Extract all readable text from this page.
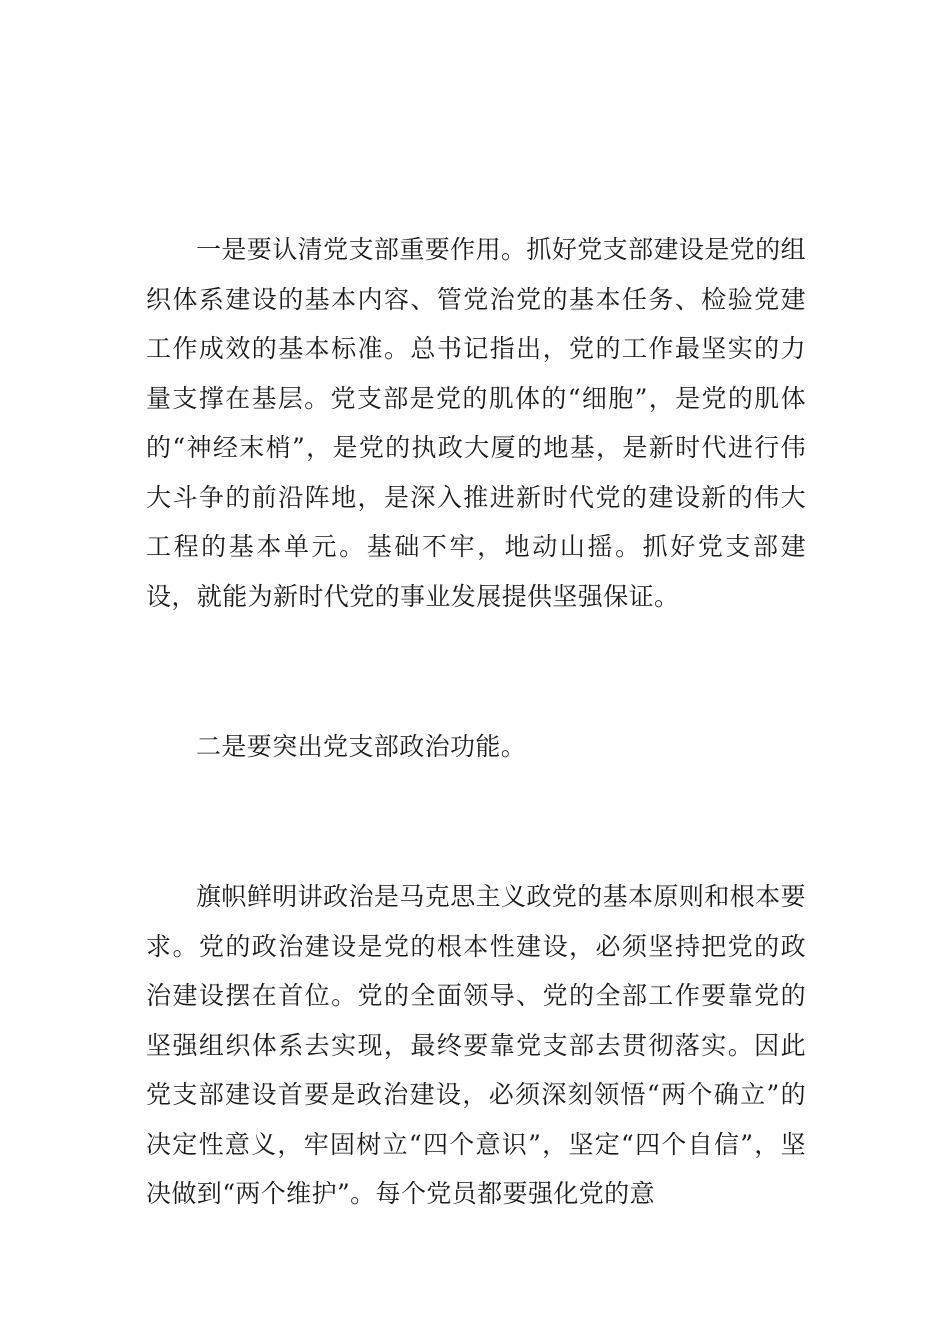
一是要认清党支部重要作用。抓好党支部建设是党的组织体系建设的基本内容、管党治党的基本任务、检验党建工作成效的基本标准。总书记指出，党的工作最坚实的力量支撑在基层。党支部是党的肌体的“细胞”，是党的肌体的“神经末梢”，是党的执政大厦的地基，是新时代进行伟大斗争的前沿阵地，是深入推进新时代党的建设新的伟大工程的基本单元。基础不牢，地动山摇。抓好党支部建设，就能为新时代党的事业发展提供坚强保证。

二是要突出党支部政治功能。

旗帜鲜明讲政治是马克思主义政党的基本原则和根本要求。党的政治建设是党的根本性建设，必须坚持把党的政治建设摆在首位。党的全面领导、党的全部工作要靠党的坚强组织体系去实现，最终要靠党支部去贯彻落实。因此党支部建设首要是政治建设，必须深刻领悟“两个确立”的决定性意义，牢固树立“四个意识”，坚定“四个自信”，坚决做到“两个维护”。每个党员都要强化党的意
